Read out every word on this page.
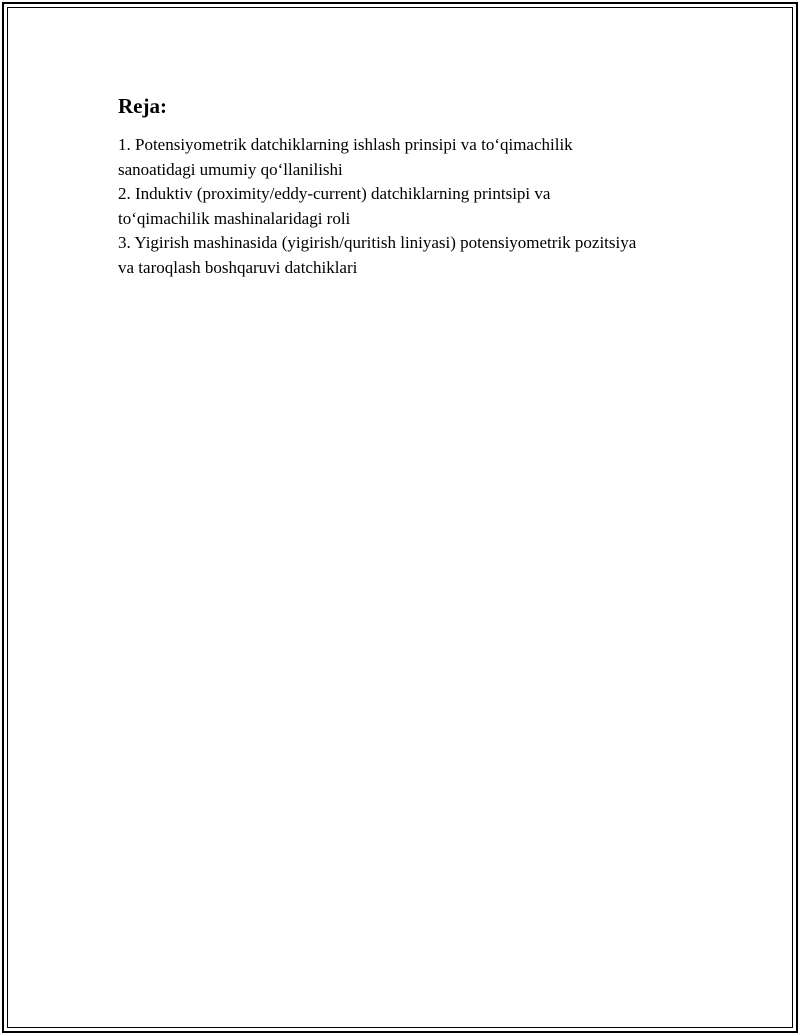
Reja:
1. Potensiyometrik datchiklarning ishlash prinsipi va to‘qimachilik
sanoatidagi umumiy qo‘llanilishi
2. Induktiv (proximity/eddy-current) datchiklarning printsipi va
to‘qimachilik mashinalaridagi roli
3. Yigirish mashinasida (yigirish/quritish liniyasi) potensiyometrik pozitsiya
va taroqlash boshqaruvi datchiklari
